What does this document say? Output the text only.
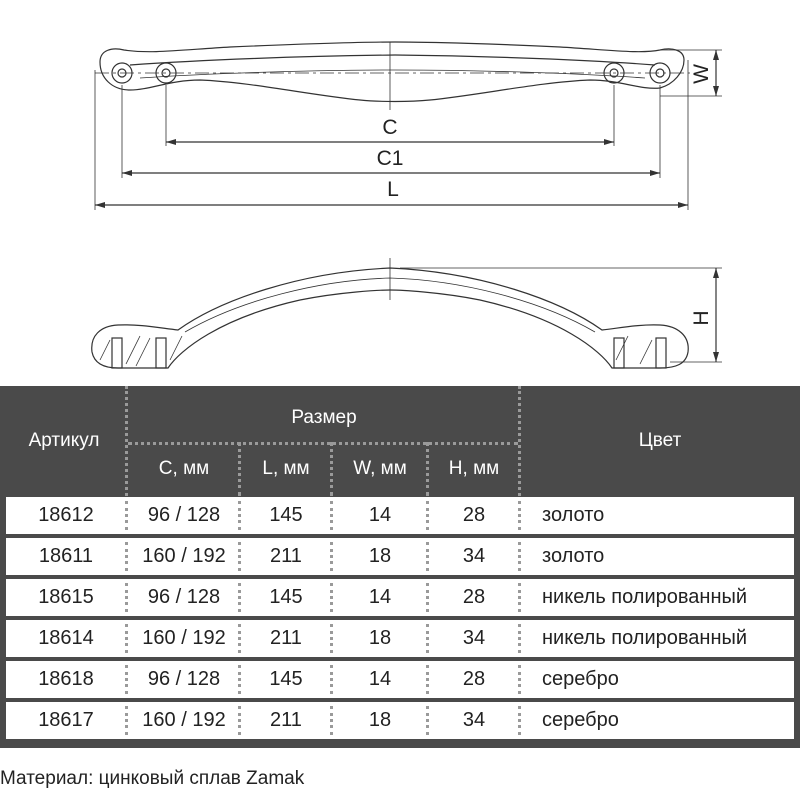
C
C1
L
W
H
Артикул
Размер
C, мм	L, мм	W, мм	H, мм
Цвет
18612	96 / 128	145	14	28	золото
18611	160 / 192	211	18	34	золото
18615	96 / 128	145	14	28	никель полированный
18614	160 / 192	211	18	34	никель полированный
18618	96 / 128	145	14	28	серебро
18617	160 / 192	211	18	34	серебро
Материал: цинковый сплав Zamak
